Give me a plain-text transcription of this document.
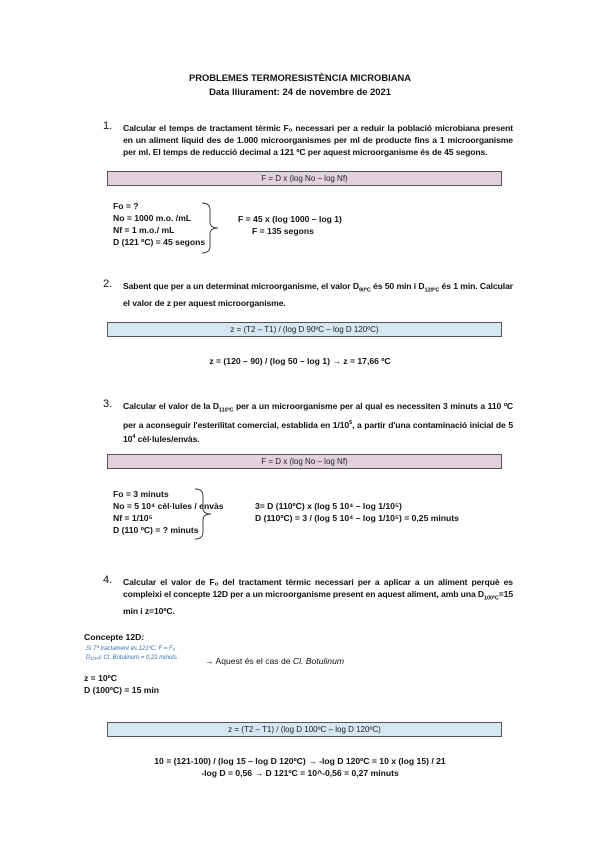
PROBLEMES TERMORESISTÈNCIA MICROBIANA
Data lliurament: 24 de novembre de 2021
1. Calcular el temps de tractament tèrmic F₀ necessari per a reduir la població microbiana present en un aliment líquid des de 1.000 microorganismes per ml de producte fins a 1 microorganisme per ml. El temps de reducció decimal a 121 ºC per aquest microorganisme és de 45 segons.
F = D x (log No – log Nf)
Fo = ?
No = 1000 m.o. /mL
Nf = 1 m.o./ mL
D (121 ºC) = 45 segons
F = 45 x (log 1000 – log 1)
F = 135 segons
2. Sabent que per a un determinat microorganisme, el valor $D_{90ºC}$ és 50 min i $D_{120ºC}$ és 1 min. Calcular el valor de z per aquest microorganisme.
z = (T2 – T1) / (log D 90ºC – log D 120ºC)
z = (120 – 90) / (log 50 – log 1) → z = 17,66 ºC
3. Calcular el valor de la $D_{110ºC}$ per a un microorganisme per al qual es necessiten 3 minuts a 110 ºC per a aconseguir l'esterilitat comercial, establida en $1/10^5$, a partir d'una contaminació inicial de 5 $10^4$ cèl·lules/envàs.
F = D x (log No – log Nf)
Fo = 3 minuts
No = 5 10⁴ cèl·lules / envàs
Nf = 1/10⁵
D (110 ºC) = ? minuts
3= D (110ºC) x (log 5 10⁴ – log 1/10⁵)
D (110ºC) = 3 / (log 5 10⁴ – log 1/10⁵) = 0,25 minuts
4. Calcular el valor de F₀ del tractament tèrmic necessari per a aplicar a un aliment perquè es compleixi el concepte 12D per a un microorganisme present en aquest aliment, amb una $D_{100ºC}=15$ min i z=10ºC.
Concepte 12D:
Si Tª tractament és 121ºC, F = F₀
D₁₂₁ₒc Cl. Botulinum = 0,21 minuts	→ Aquest és el cas de Cl. Botulinum
z = 10ºC
D (100ºC) = 15 min
z = (T2 – T1) / (log D 100ºC – log D 120ºC)
10 = (121-100) / (log 15 – log D 120ºC) → -log D 120ºC = 10 x (log 15) / 21
-log D = 0,56 → D 121ºC = 10^-0,56 = 0,27 minuts
